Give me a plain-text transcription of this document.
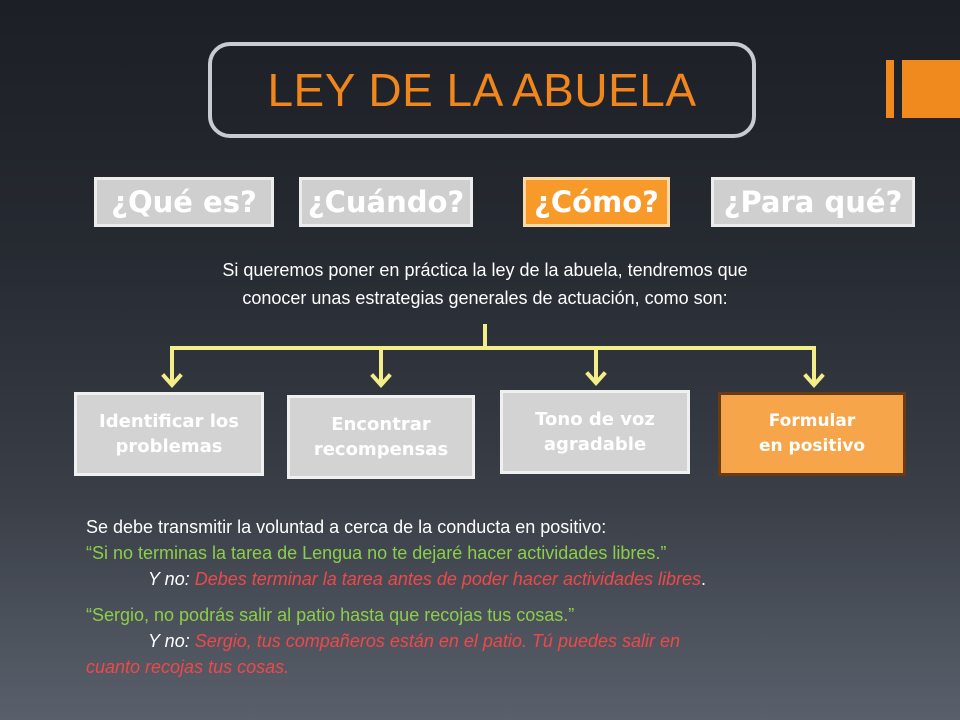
LEY DE LA ABUELA
¿Qué es?	¿Cuándo?	¿Cómo?	¿Para qué?
Si queremos poner en práctica la ley de la abuela, tendremos que
conocer unas estrategias generales de actuación, como son:
Identificar los
problemas
Encontrar
recompensas
Tono de voz
agradable
Formular
en positivo
Se debe transmitir la voluntad a cerca de la conducta en positivo:
“Si no terminas la tarea de Lengua no te dejaré hacer actividades libres.”
Y no: Debes terminar la tarea antes de poder hacer actividades libres.
“Sergio, no podrás salir al patio hasta que recojas tus cosas.”
Y no: Sergio, tus compañeros están en el patio. Tú puedes salir en
cuanto recojas tus cosas.
